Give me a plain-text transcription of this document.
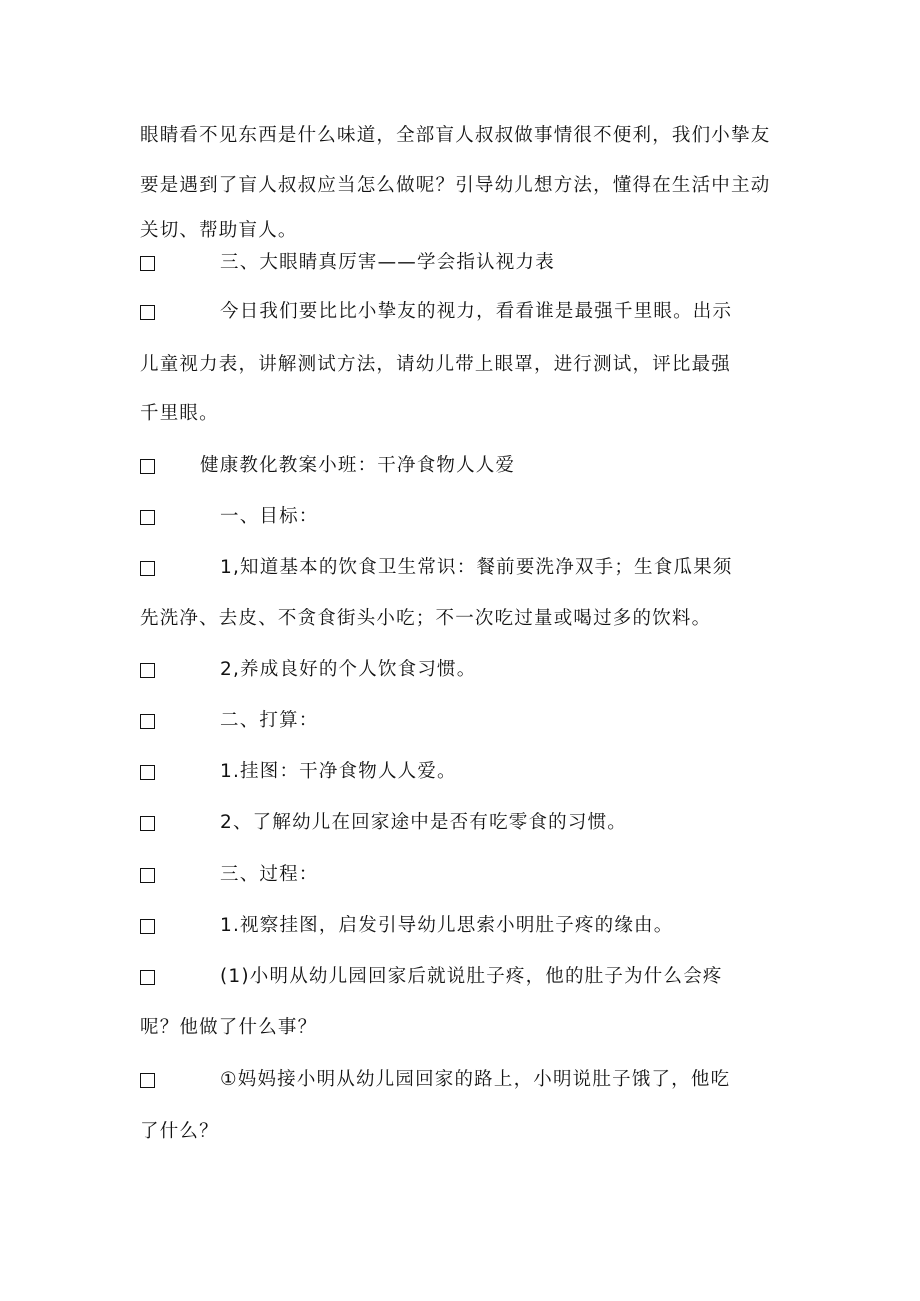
眼睛看不见东西是什么味道，全部盲人叔叔做事情很不便利，我们小挚友
要是遇到了盲人叔叔应当怎么做呢？引导幼儿想方法，懂得在生活中主动
关切、帮助盲人。
三、大眼睛真厉害——学会指认视力表
今日我们要比比小挚友的视力，看看谁是最强千里眼。出示
儿童视力表，讲解测试方法，请幼儿带上眼罩，进行测试，评比最强
千里眼。
健康教化教案小班：干净食物人人爱
一、目标：
1,知道基本的饮食卫生常识：餐前要洗净双手；生食瓜果须
先洗净、去皮、不贪食街头小吃；不一次吃过量或喝过多的饮料。
2,养成良好的个人饮食习惯。
二、打算：
1.挂图：干净食物人人爱。
2、了解幼儿在回家途中是否有吃零食的习惯。
三、过程：
1.视察挂图，启发引导幼儿思索小明肚子疼的缘由。
(1)小明从幼儿园回家后就说肚子疼，他的肚子为什么会疼
呢？他做了什么事？
①妈妈接小明从幼儿园回家的路上，小明说肚子饿了，他吃
了什么？
